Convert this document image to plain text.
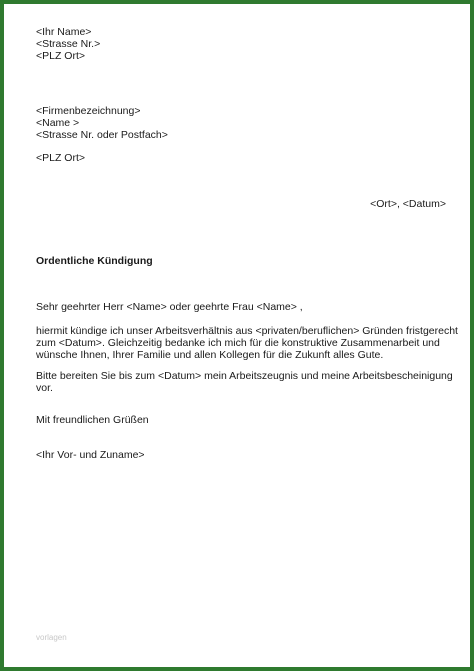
<Ihr Name>
<Strasse Nr.>
<PLZ Ort>
<Firmenbezeichnung>
<Name >
<Strasse Nr. oder Postfach>
<PLZ Ort>
<Ort>, <Datum>
Ordentliche Kündigung
Sehr geehrter Herr <Name> oder geehrte Frau <Name> ,
hiermit kündige ich unser Arbeitsverhältnis aus <privaten/beruflichen> Gründen fristgerecht
zum <Datum>. Gleichzeitig bedanke ich mich für die konstruktive Zusammenarbeit und
wünsche Ihnen, Ihrer Familie und allen Kollegen für die Zukunft alles Gute.
Bitte bereiten Sie bis zum <Datum> mein Arbeitszeugnis und meine Arbeitsbescheinigung
vor.
Mit freundlichen Grüßen
<Ihr Vor- und Zuname>
vorlagen
